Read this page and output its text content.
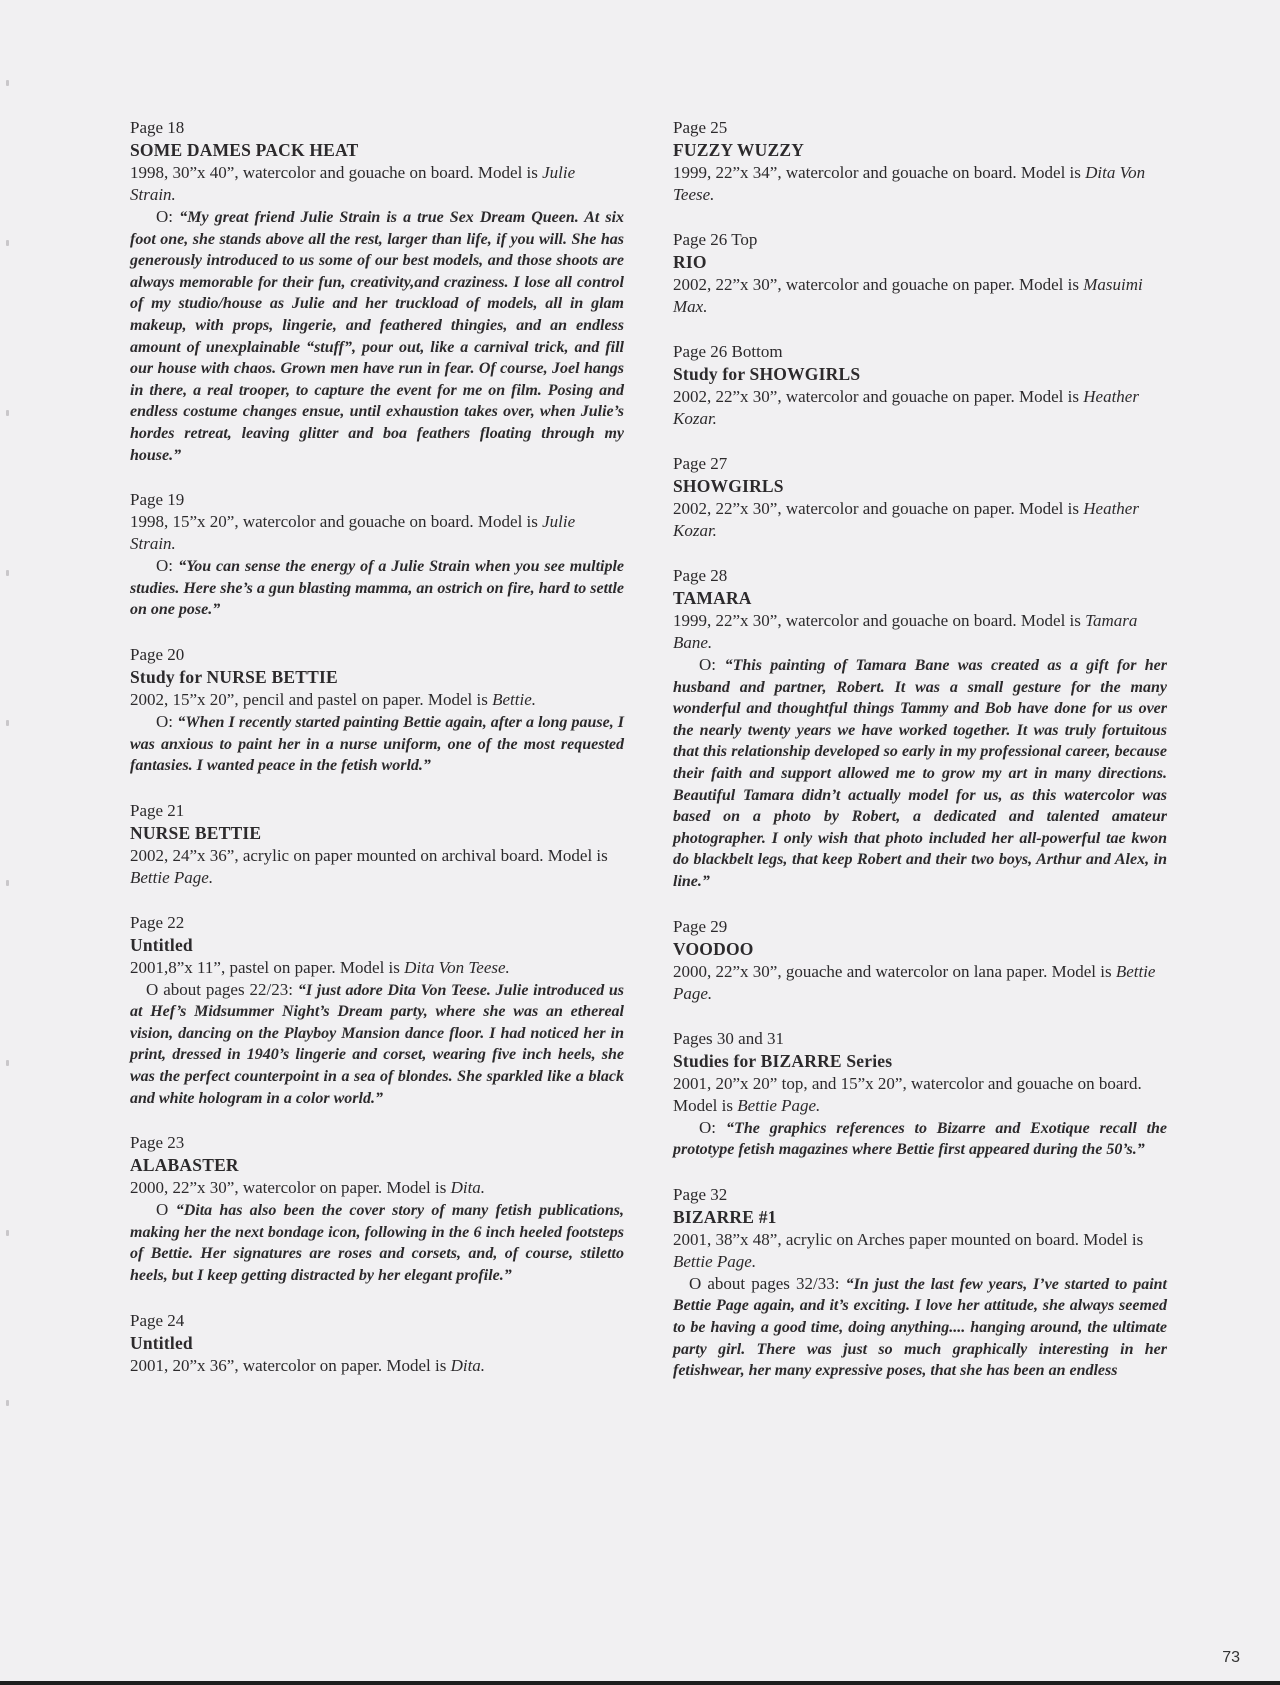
Page 18
SOME DAMES PACK HEAT
1998, 30”x 40”, watercolor and gouache on board. Model is Julie Strain.
O: “My great friend Julie Strain is a true Sex Dream Queen. At six foot one, she stands above all the rest, larger than life, if you will. She has generously introduced to us some of our best models, and those shoots are always memorable for their fun, creativity,and craziness. I lose all control of my studio/house as Julie and her truckload of models, all in glam makeup, with props, lingerie, and feathered thingies, and an endless amount of unexplainable “stuff”, pour out, like a carnival trick, and fill our house with chaos. Grown men have run in fear. Of course, Joel hangs in there, a real trooper, to capture the event for me on film. Posing and endless costume changes ensue, until exhaustion takes over, when Julie’s hordes retreat, leaving glitter and boa feathers floating through my house.”
Page 19
1998, 15”x 20”, watercolor and gouache on board. Model is Julie Strain.
O: “You can sense the energy of a Julie Strain when you see multiple studies. Here she’s a gun blasting mamma, an ostrich on fire, hard to settle on one pose.”
Page 20
Study for NURSE BETTIE
2002, 15”x 20”, pencil and pastel on paper. Model is Bettie.
O: “When I recently started painting Bettie again, after a long pause, I was anxious to paint her in a nurse uniform, one of the most requested fantasies. I wanted peace in the fetish world.”
Page 21
NURSE BETTIE
2002, 24”x 36”, acrylic on paper mounted on archival board. Model is Bettie Page.
Page 22
Untitled
2001,8”x 11”, pastel on paper. Model is Dita Von Teese.
O about pages 22/23: “I just adore Dita Von Teese. Julie introduced us at Hef’s Midsummer Night’s Dream party, where she was an ethereal vision, dancing on the Playboy Mansion dance floor. I had noticed her in print, dressed in 1940’s lingerie and corset, wearing five inch heels, she was the perfect counterpoint in a sea of blondes. She sparkled like a black and white hologram in a color world.”
Page 23
ALABASTER
2000, 22”x 30”, watercolor on paper. Model is Dita.
O “Dita has also been the cover story of many fetish publications, making her the next bondage icon, following in the 6 inch heeled footsteps of Bettie. Her signatures are roses and corsets, and, of course, stiletto heels, but I keep getting distracted by her elegant profile.”
Page 24
Untitled
2001, 20”x 36”, watercolor on paper. Model is Dita.
Page 25
FUZZY WUZZY
1999, 22”x 34”, watercolor and gouache on board. Model is Dita Von Teese.
Page 26 Top
RIO
2002, 22”x 30”, watercolor and gouache on paper. Model is Masuimi Max.
Page 26 Bottom
Study for SHOWGIRLS
2002, 22”x 30”, watercolor and gouache on paper. Model is Heather Kozar.
Page 27
SHOWGIRLS
2002, 22”x 30”, watercolor and gouache on paper. Model is Heather Kozar.
Page 28
TAMARA
1999, 22”x 30”, watercolor and gouache on board. Model is Tamara Bane.
O: “This painting of Tamara Bane was created as a gift for her husband and partner, Robert. It was a small gesture for the many wonderful and thoughtful things Tammy and Bob have done for us over the nearly twenty years we have worked together. It was truly fortuitous that this relationship developed so early in my professional career, because their faith and support allowed me to grow my art in many directions. Beautiful Tamara didn’t actually model for us, as this watercolor was based on a photo by Robert, a dedicated and talented amateur photographer. I only wish that photo included her all-powerful tae kwon do blackbelt legs, that keep Robert and their two boys, Arthur and Alex, in line.”
Page 29
VOODOO
2000, 22”x 30”, gouache and watercolor on lana paper. Model is Bettie Page.
Pages 30 and 31
Studies for BIZARRE Series
2001, 20”x 20” top, and 15”x 20”, watercolor and gouache on board. Model is Bettie Page.
O: “The graphics references to Bizarre and Exotique recall the prototype fetish magazines where Bettie first appeared during the 50’s.”
Page 32
BIZARRE #1
2001, 38”x 48”, acrylic on Arches paper mounted on board. Model is Bettie Page.
O about pages 32/33: “In just the last few years, I’ve started to paint Bettie Page again, and it’s exciting. I love her attitude, she always seemed to be having a good time, doing anything.... hanging around, the ultimate party girl. There was just so much graphically interesting in her fetishwear, her many expressive poses, that she has been an endless
73
